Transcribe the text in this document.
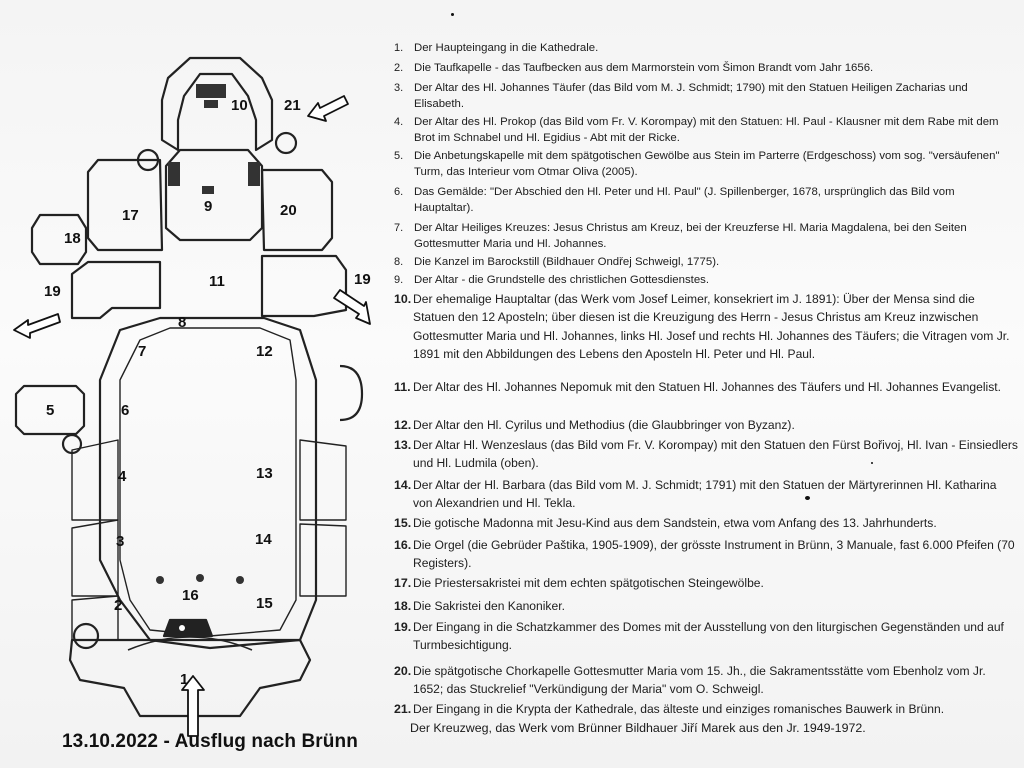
1
2
3
4
5	6
7
8
9
10
11
12
13
14
15
16
17
18
19
19
20
21
13.10.2022 - Ausflug nach Brünn
1. Der Haupteingang in die Kathedrale.
2. Die Taufkapelle - das Taufbecken aus dem Marmorstein vom Šimon Brandt vom Jahr 1656.
3. Der Altar des Hl. Johannes Täufer (das Bild vom M. J. Schmidt; 1790) mit den Statuen Heiligen Zacharias und Elisabeth.
4. Der Altar des Hl. Prokop (das Bild vom Fr. V. Korompay) mit den Statuen: Hl. Paul - Klausner mit dem Rabe mit dem Brot im Schnabel und Hl. Egidius - Abt mit der Ricke.
5. Die Anbetungskapelle mit dem spätgotischen Gewölbe aus Stein im Parterre (Erdgeschoss) vom sog. "versäufenen" Turm, das Interieur vom Otmar Oliva (2005).
6. Das Gemälde: "Der Abschied den Hl. Peter und Hl. Paul" (J. Spillenberger, 1678, ursprünglich das Bild vom Hauptaltar).
7. Der Altar Heiliges Kreuzes: Jesus Christus am Kreuz, bei der Kreuzferse Hl. Maria Magdalena, bei den Seiten Gottesmutter Maria und Hl. Johannes.
8. Die Kanzel im Barockstill (Bildhauer Ondřej Schweigl, 1775).
9. Der Altar - die Grundstelle des christlichen Gottesdienstes.
10. Der ehemalige Hauptaltar (das Werk vom Josef Leimer, konsekriert im J. 1891): Über der Mensa sind die Statuen den 12 Aposteln; über diesen ist die Kreuzigung des Herrn - Jesus Christus am Kreuz inzwischen Gottesmutter Maria und Hl. Johannes, links Hl. Josef und rechts Hl. Johannes des Täufers; die Vitragen vom Jr. 1891 mit den Abbildungen des Lebens den Aposteln Hl. Peter und Hl. Paul.
11. Der Altar des Hl. Johannes Nepomuk mit den Statuen Hl. Johannes des Täufers und Hl. Johannes Evangelist.
12. Der Altar den Hl. Cyrilus und Methodius (die Glaubbringer von Byzanz).
13. Der Altar Hl. Wenzeslaus (das Bild vom Fr. V. Korompay) mit den Statuen den Fürst Bořivoj, Hl. Ivan - Einsiedlers und Hl. Ludmila (oben).
14. Der Altar der Hl. Barbara (das Bild vom M. J. Schmidt; 1791) mit den Statuen der Märtyrerinnen Hl. Katharina von Alexandrien und Hl. Tekla.
15. Die gotische Madonna mit Jesu-Kind aus dem Sandstein, etwa vom Anfang des 13. Jahrhunderts.
16. Die Orgel (die Gebrüder Paštika, 1905-1909), der grösste Instrument in Brünn, 3 Manuale, fast 6.000 Pfeifen (70 Registers).
17. Die Priestersakristei mit dem echten spätgotischen Steingewölbe.
18. Die Sakristei den Kanoniker.
19. Der Eingang in die Schatzkammer des Domes mit der Ausstellung von den liturgischen Gegenständen und auf Turmbesichtigung.
20. Die spätgotische Chorkapelle Gottesmutter Maria vom 15. Jh., die Sakramentsstätte vom Ebenholz vom Jr. 1652; das Stuckrelief "Verkündigung der Maria" vom O. Schweigl.
21. Der Eingang in die Krypta der Kathedrale, das älteste und einziges romanisches Bauwerk in Brünn.
Der Kreuzweg, das Werk vom Brünner Bildhauer Jiří Marek aus den Jr. 1949-1972.
